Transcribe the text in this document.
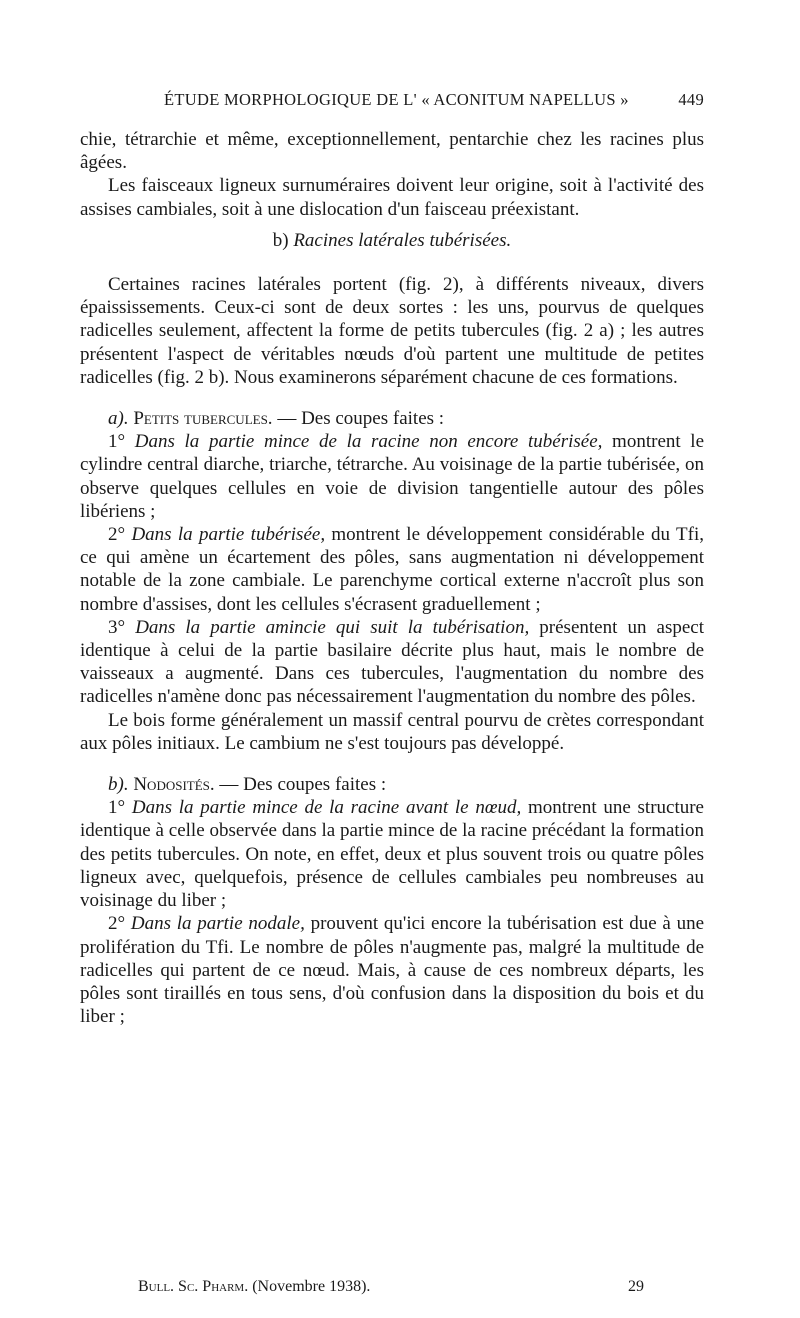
ÉTUDE MORPHOLOGIQUE DE L' « ACONITUM NAPELLUS »	449

chie, tétrarchie et même, exceptionnellement, pentarchie chez les racines plus âgées.

Les faisceaux ligneux surnuméraires doivent leur origine, soit à l'activité des assises cambiales, soit à une dislocation d'un faisceau préexistant.

b) Racines latérales tubérisées.

Certaines racines latérales portent (fig. 2), à différents niveaux, divers épaississements. Ceux-ci sont de deux sortes : les uns, pourvus de quelques radicelles seulement, affectent la forme de petits tubercules (fig. 2 a) ; les autres présentent l'aspect de véritables nœuds d'où partent une multitude de petites radicelles (fig. 2 b). Nous examinerons séparément chacune de ces formations.

a). Petits tubercules. — Des coupes faites :

1° Dans la partie mince de la racine non encore tubérisée, montrent le cylindre central diarche, triarche, tétrarche. Au voisinage de la partie tubérisée, on observe quelques cellules en voie de division tangentielle autour des pôles libériens ;

2° Dans la partie tubérisée, montrent le développement considérable du Tfi, ce qui amène un écartement des pôles, sans augmentation ni développement notable de la zone cambiale. Le parenchyme cortical externe n'accroît plus son nombre d'assises, dont les cellules s'écrasent graduellement ;

3° Dans la partie amincie qui suit la tubérisation, présentent un aspect identique à celui de la partie basilaire décrite plus haut, mais le nombre de vaisseaux a augmenté. Dans ces tubercules, l'augmentation du nombre des radicelles n'amène donc pas nécessairement l'augmentation du nombre des pôles.

Le bois forme généralement un massif central pourvu de crètes correspondant aux pôles initiaux. Le cambium ne s'est toujours pas développé.

b). Nodosités. — Des coupes faites :

1° Dans la partie mince de la racine avant le nœud, montrent une structure identique à celle observée dans la partie mince de la racine précédant la formation des petits tubercules. On note, en effet, deux et plus souvent trois ou quatre pôles ligneux avec, quelquefois, présence de cellules cambiales peu nombreuses au voisinage du liber ;

2° Dans la partie nodale, prouvent qu'ici encore la tubérisation est due à une prolifération du Tfi. Le nombre de pôles n'augmente pas, malgré la multitude de radicelles qui partent de ce nœud. Mais, à cause de ces nombreux départs, les pôles sont tiraillés en tous sens, d'où confusion dans la disposition du bois et du liber ;

Bull. Sc. Pharm. (Novembre 1938).	29
